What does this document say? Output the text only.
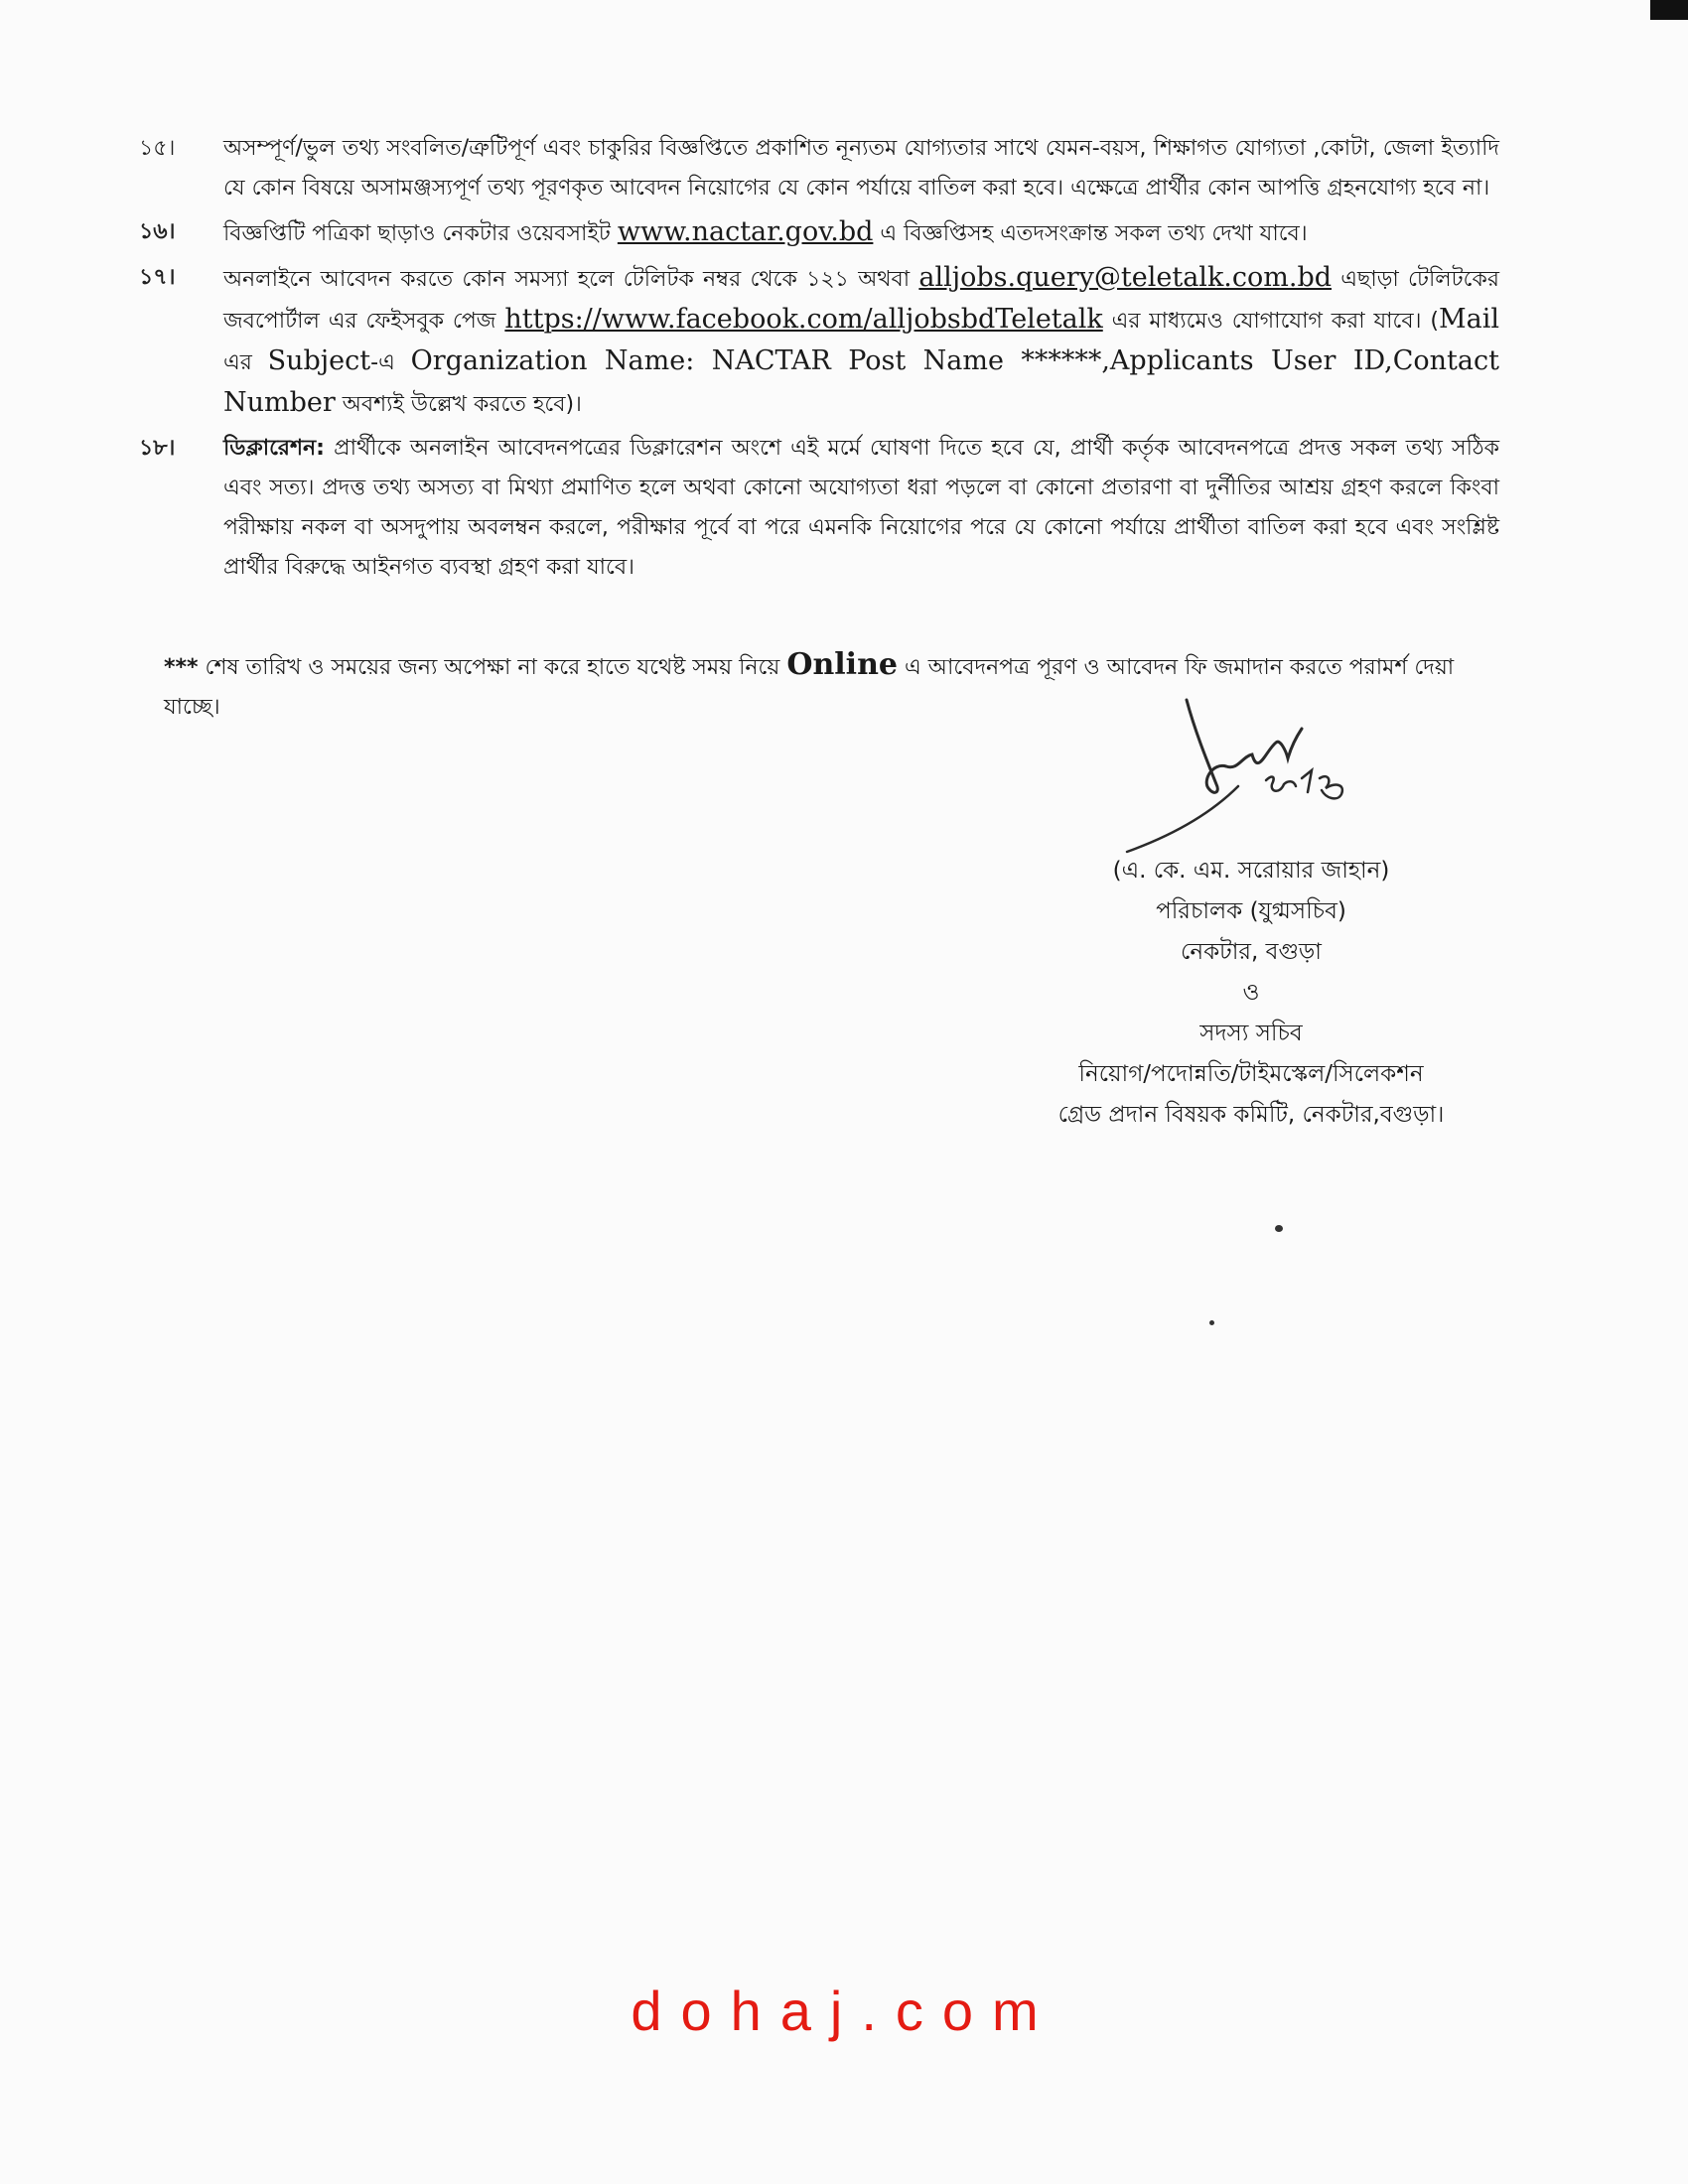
১৫।	অসম্পূর্ণ/ভুল তথ্য সংবলিত/ত্রুটিপূর্ণ এবং চাকুরির বিজ্ঞপ্তিতে প্রকাশিত নূন্যতম যোগ্যতার সাথে যেমন-বয়স, শিক্ষাগত যোগ্যতা ,কোটা, জেলা ইত্যাদি যে কোন বিষয়ে অসামঞ্জস্যপূর্ণ তথ্য পূরণকৃত আবেদন নিয়োগের যে কোন পর্যায়ে বাতিল করা হবে। এক্ষেত্রে প্রার্থীর কোন আপত্তি গ্রহনযোগ্য হবে না।
১৬।	বিজ্ঞপ্তিটি পত্রিকা ছাড়াও নেকটার ওয়েবসাইট www.nactar.gov.bd এ বিজ্ঞপ্তিসহ এতদসংক্রান্ত সকল তথ্য দেখা যাবে।
১৭।	অনলাইনে আবেদন করতে কোন সমস্যা হলে টেলিটক নম্বর থেকে ১২১ অথবা alljobs.query@teletalk.com.bd এছাড়া টেলিটকের জবপোর্টাল এর ফেইসবুক পেজ https://www.facebook.com/alljobsbdTeletalk এর মাধ্যমেও যোগাযোগ করা যাবে। (Mail এর Subject-এ Organization Name: NACTAR Post Name ******,Applicants User ID,Contact Number অবশ্যই উল্লেখ করতে হবে)।
১৮।	ডিক্লারেশন: প্রার্থীকে অনলাইন আবেদনপত্রের ডিক্লারেশন অংশে এই মর্মে ঘোষণা দিতে হবে যে, প্রার্থী কর্তৃক আবেদনপত্রে প্রদত্ত সকল তথ্য সঠিক এবং সত্য। প্রদত্ত তথ্য অসত্য বা মিথ্যা প্রমাণিত হলে অথবা কোনো অযোগ্যতা ধরা পড়লে বা কোনো প্রতারণা বা দুর্নীতির আশ্রয় গ্রহণ করলে কিংবা পরীক্ষায় নকল বা অসদুপায় অবলম্বন করলে, পরীক্ষার পূর্বে বা পরে এমনকি নিয়োগের পরে যে কোনো পর্যায়ে প্রার্থীতা বাতিল করা হবে এবং সংশ্লিষ্ট প্রার্থীর বিরুদ্ধে আইনগত ব্যবস্থা গ্রহণ করা যাবে।
*** শেষ তারিখ ও সময়ের জন্য অপেক্ষা না করে হাতে যথেষ্ট সময় নিয়ে Online এ আবেদনপত্র পূরণ ও আবেদন ফি জমাদান করতে পরামর্শ দেয়া যাচ্ছে।
(এ. কে. এম. সরোয়ার জাহান)
পরিচালক (যুগ্মসচিব)
নেকটার, বগুড়া
ও
সদস্য সচিব
নিয়োগ/পদোন্নতি/টাইমস্কেল/সিলেকশন
গ্রেড প্রদান বিষয়ক কমিটি, নেকটার,বগুড়া।
dohaj.com
